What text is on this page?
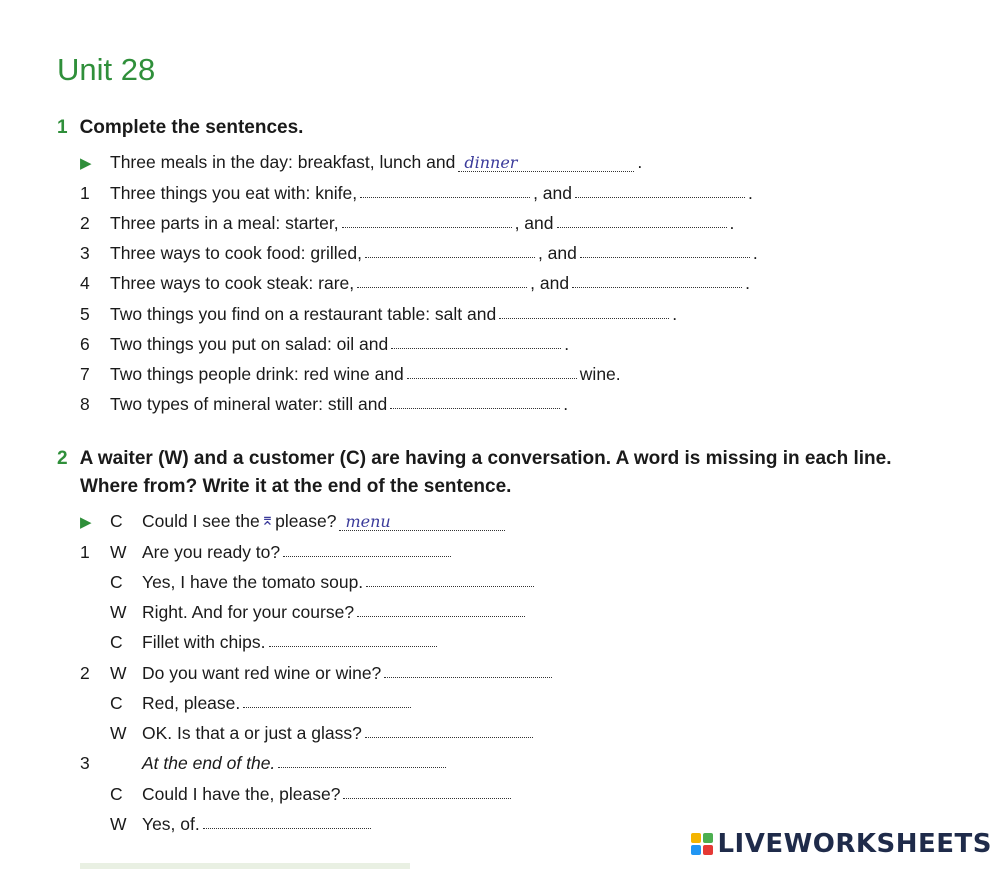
Unit 28
1 Complete the sentences.
▶	Three meals in the day: breakfast, lunch and dinner	.
1	Three things you eat with: knife,	, and	.
2	Three parts in a meal: starter,	, and	.
3	Three ways to cook food: grilled,	, and	.
4	Three ways to cook steak: rare,	, and	.
5	Two things you find on a restaurant table: salt and	.
6	Two things you put on salad: oil and	.
7	Two things people drink: red wine and	wine.
8	Two types of mineral water: still and	.
2 A waiter (W) and a customer (C) are having a conversation. A word is missing in each line.
Where from? Write it at the end of the sentence.
▶	C	Could I see the ⌆ please? menu
1	W Are you ready to?
C	Yes, I have the tomato soup.
W Right. And for your course?
C	Fillet with chips.
2	W Do you want red wine or wine?
C	Red, please.
W OK. Is that a or just a glass?
3	At the end of the.
C	Could I have the, please?
W Yes, of.
LIVEWORKSHEETS
